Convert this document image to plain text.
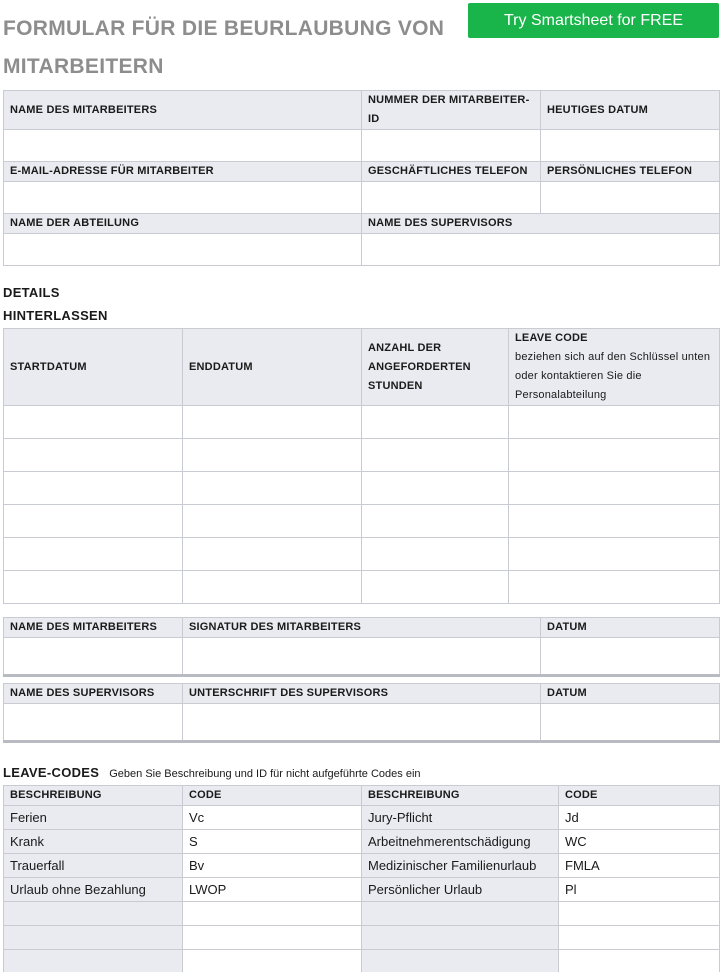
FORMULAR FÜR DIE BEURLAUBUNG VON MITARBEITERN
Try Smartsheet for FREE
NAME DES MITARBEITERS	NUMMER DER MITARBEITER-ID	HEUTIGES DATUM

E-MAIL-ADRESSE FÜR MITARBEITER	GESCHÄFTLICHES TELEFON	PERSÖNLICHES TELEFON

NAME DER ABTEILUNG	NAME DES SUPERVISORS	

DETAILS
HINTERLASSEN
STARTDATUM	ENDDATUM	ANZAHL DER ANGEFORDERTEN STUNDEN	LEAVE CODE
beziehen sich auf den Schlüssel unten oder kontaktieren Sie die Personalabteilung

NAME DES MITARBEITERS	SIGNATUR DES MITARBEITERS	DATUM

NAME DES SUPERVISORS	UNTERSCHRIFT DES SUPERVISORS	DATUM

LEAVE-CODES Geben Sie Beschreibung und ID für nicht aufgeführte Codes ein
BESCHREIBUNG	CODE	BESCHREIBUNG	CODE
Ferien	Vc	Jury-Pflicht	Jd
Krank	S	Arbeitnehmerentschädigung	WC
Trauerfall	Bv	Medizinischer Familienurlaub	FMLA
Urlaub ohne Bezahlung	LWOP	Persönlicher Urlaub	Pl
